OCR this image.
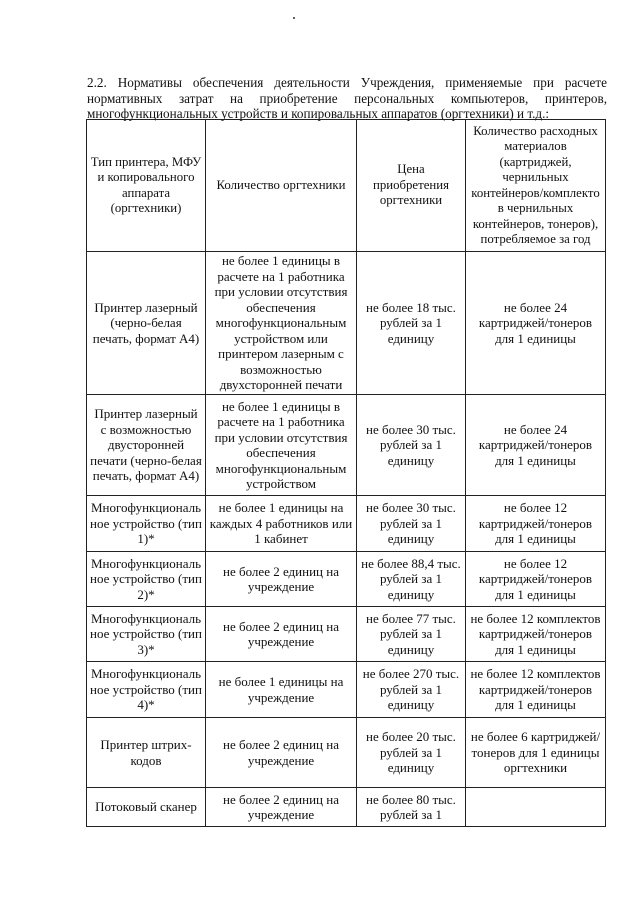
2.2. Нормативы обеспечения деятельности Учреждения, применяемые при расчете нормативных затрат на приобретение персональных компьютеров, принтеров, многофункциональных устройств и копировальных аппаратов (оргтехники) и т.д.:

Тип принтера, МФУ и копировального аппарата (оргтехники)	Количество оргтехники	Цена приобретения оргтехники	Количество расходных материалов (картриджей, чернильных контейнеров/комплекто в чернильных контейнеров, тонеров), потребляемое за год
Принтер лазерный (черно-белая печать, формат А4)	не более 1 единицы в расчете на 1 работника при условии отсутствия обеспечения многофункциональным устройством или принтером лазерным с возможностью двухсторонней печати	не более 18 тыс. рублей за 1 единицу	не более 24 картриджей/тонеров для 1 единицы
Принтер лазерный с возможностью двусторонней печати (черно-белая печать, формат А4)	не более 1 единицы в расчете на 1 работника при условии отсутствия обеспечения многофункциональным устройством	не более 30 тыс. рублей за 1 единицу	не более 24 картриджей/тонеров для 1 единицы
Многофункциональ ное устройство (тип 1)*	не более 1 единицы на каждых 4 работников или 1 кабинет	не более 30 тыс. рублей за 1 единицу	не более 12 картриджей/тонеров для 1 единицы
Многофункциональ ное устройство (тип 2)*	не более 2 единиц на учреждение	не более 88,4 тыс. рублей за 1 единицу	не более 12 картриджей/тонеров для 1 единицы
Многофункциональ ное устройство (тип 3)*	не более 2 единиц на учреждение	не более 77 тыс. рублей за 1 единицу	не более 12 комплектов картриджей/тонеров для 1 единицы
Многофункциональ ное устройство (тип 4)*	не более 1 единицы на учреждение	не более 270 тыс. рублей за 1 единицу	не более 12 комплектов картриджей/тонеров для 1 единицы
Принтер штрих-кодов	не более 2 единиц на учреждение	не более 20 тыс. рублей за 1 единицу	не более 6 картриджей/тонеров для 1 единицы оргтехники
Потоковый сканер	не более 2 единиц на учреждение	не более 80 тыс. рублей за 1	
